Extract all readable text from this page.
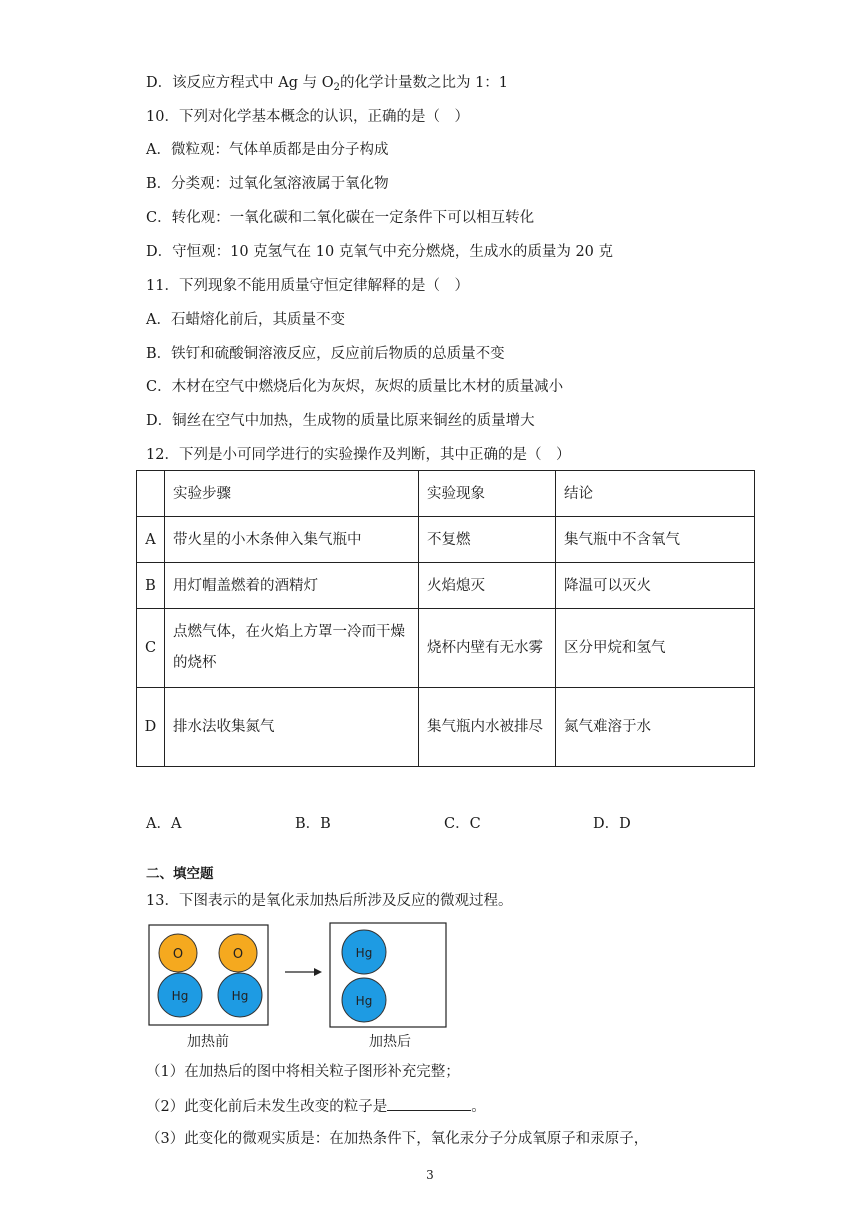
D．该反应方程式中 Ag 与 $O_2$的化学计量数之比为 1：1
10．下列对化学基本概念的认识，正确的是（　）
A．微粒观：气体单质都是由分子构成
B．分类观：过氧化氢溶液属于氧化物
C．转化观：一氧化碳和二氧化碳在一定条件下可以相互转化
D．守恒观：10 克氢气在 10 克氧气中充分燃烧，生成水的质量为 20 克
11．下列现象不能用质量守恒定律解释的是（　）
A．石蜡熔化前后，其质量不变
B．铁钉和硫酸铜溶液反应，反应前后物质的总质量不变
C．木材在空气中燃烧后化为灰烬，灰烬的质量比木材的质量减小
D．铜丝在空气中加热，生成物的质量比原来铜丝的质量增大
12．下列是小可同学进行的实验操作及判断，其中正确的是（　）
	实验步骤	实验现象	结论
A	带火星的小木条伸入集气瓶中	不复燃	集气瓶中不含氧气
B	用灯帽盖燃着的酒精灯	火焰熄灭	降温可以灭火
C	点燃气体，在火焰上方罩一冷而干燥的烧杯	烧杯内壁有无水雾	区分甲烷和氢气
D	排水法收集氮气	集气瓶内水被排尽	氮气难溶于水
A．A	B．B	C．C	D．D
二、填空题
13．下图表示的是氧化汞加热后所涉及反应的微观过程。
O	O
Hg	Hg
加热前
Hg
Hg
加热后
（1）在加热后的图中将相关粒子图形补充完整；
（2）此变化前后未发生改变的粒子是	。
（3）此变化的微观实质是：在加热条件下，氧化汞分子分成氧原子和汞原子，
3
